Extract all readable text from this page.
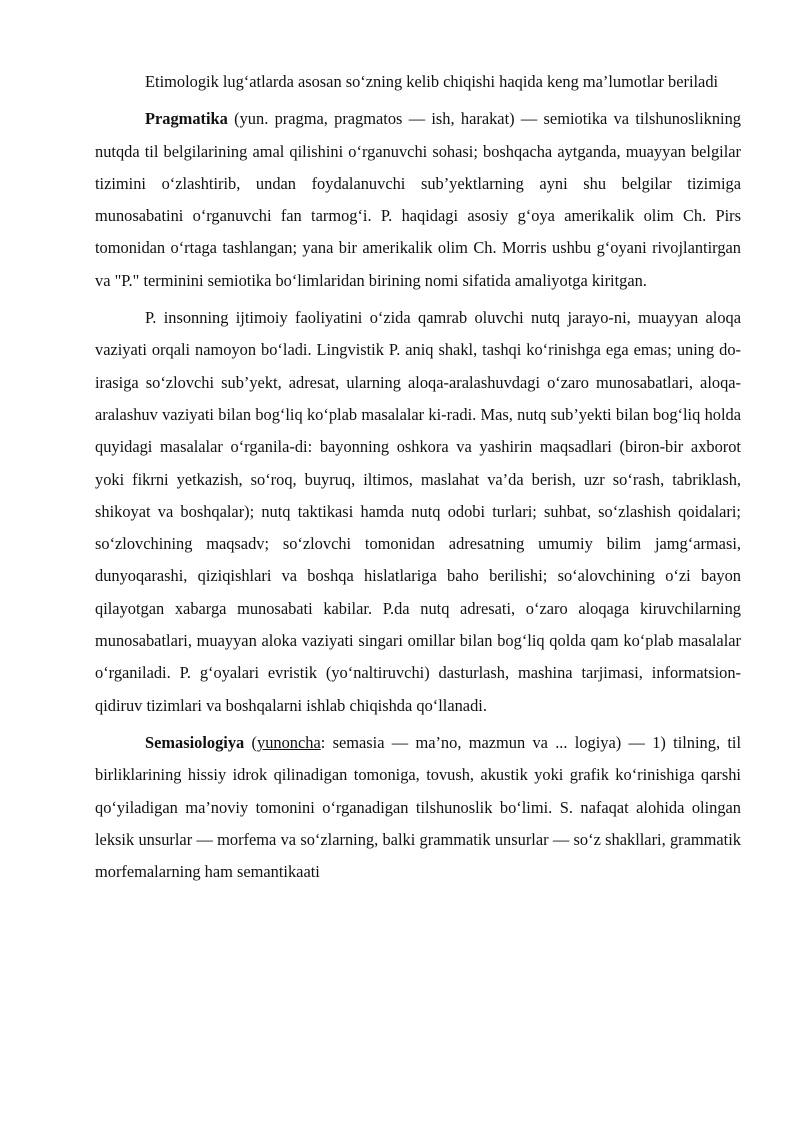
Etimologik lug‘atlarda asosan so‘zning kelib chiqishi haqida keng ma’lumotlar beriladi

Pragmatika (yun. pragma, pragmatos — ish, harakat) — semiotika va tilshunoslikning nutqda til belgilarining amal qilishini o‘rganuvchi sohasi; boshqacha aytganda, muayyan belgilar tizimini o‘zlashtirib, undan foydalanuvchi sub’yektlarning ayni shu belgilar tizimiga munosabatini o‘rganuvchi fan tarmog‘i. P. haqidagi asosiy g‘oya amerikalik olim Ch. Pirs tomonidan o‘rtaga tashlangan; yana bir amerikalik olim Ch. Morris ushbu g‘oyani rivojlantirgan va "P." terminini semiotika bo‘limlaridan birining nomi sifatida amaliyotga kiritgan.

P. insonning ijtimoiy faoliyatini o‘zida qamrab oluvchi nutq jarayo-ni, muayyan aloqa vaziyati orqali namoyon bo‘ladi. Lingvistik P. aniq shakl, tashqi ko‘rinishga ega emas; uning do-irasiga so‘zlovchi sub’yekt, adresat, ularning aloqa-aralashuvdagi o‘zaro munosabatlari, aloqa-aralashuv vaziyati bilan bog‘liq ko‘plab masalalar ki-radi. Mas, nutq sub’yekti bilan bog‘liq holda quyidagi masalalar o‘rganila-di: bayonning oshkora va yashirin maqsadlari (biron-bir axborot yoki fikrni yetkazish, so‘roq, buyruq, iltimos, maslahat va’da berish, uzr so‘rash, tabriklash, shikoyat va boshqalar); nutq taktikasi hamda nutq odobi turlari; suhbat, so‘zlashish qoidalari; so‘zlovchining maqsadv; so‘zlovchi tomonidan adresatning umumiy bilim jamg‘armasi, dunyoqarashi, qiziqishlari va boshqa hislatlariga baho berilishi; so‘alovchining o‘zi bayon qilayotgan xabarga munosabati kabilar. P.da nutq adresati, o‘zaro aloqaga kiruvchilarning munosabatlari, muayyan aloka vaziyati singari omillar bilan bog‘liq qolda qam ko‘plab masalalar o‘rganiladi. P. g‘oyalari evristik (yo‘naltiruvchi) dasturlash, mashina tarjimasi, informatsion-qidiruv tizimlari va boshqalarni ishlab chiqishda qo‘llanadi.

Semasiologiya (yunoncha: semasia — ma’no, mazmun va ... logiya) — 1) tilning, til birliklarining hissiy idrok qilinadigan tomoniga, tovush, akustik yoki grafik ko‘rinishiga qarshi qo‘yiladigan ma’noviy tomonini o‘rganadigan tilshunoslik bo‘limi. S. nafaqat alohida olingan leksik unsurlar — morfema va so‘zlarning, balki grammatik unsurlar — so‘z shakllari, grammatik morfemalarning ham semantikaati
